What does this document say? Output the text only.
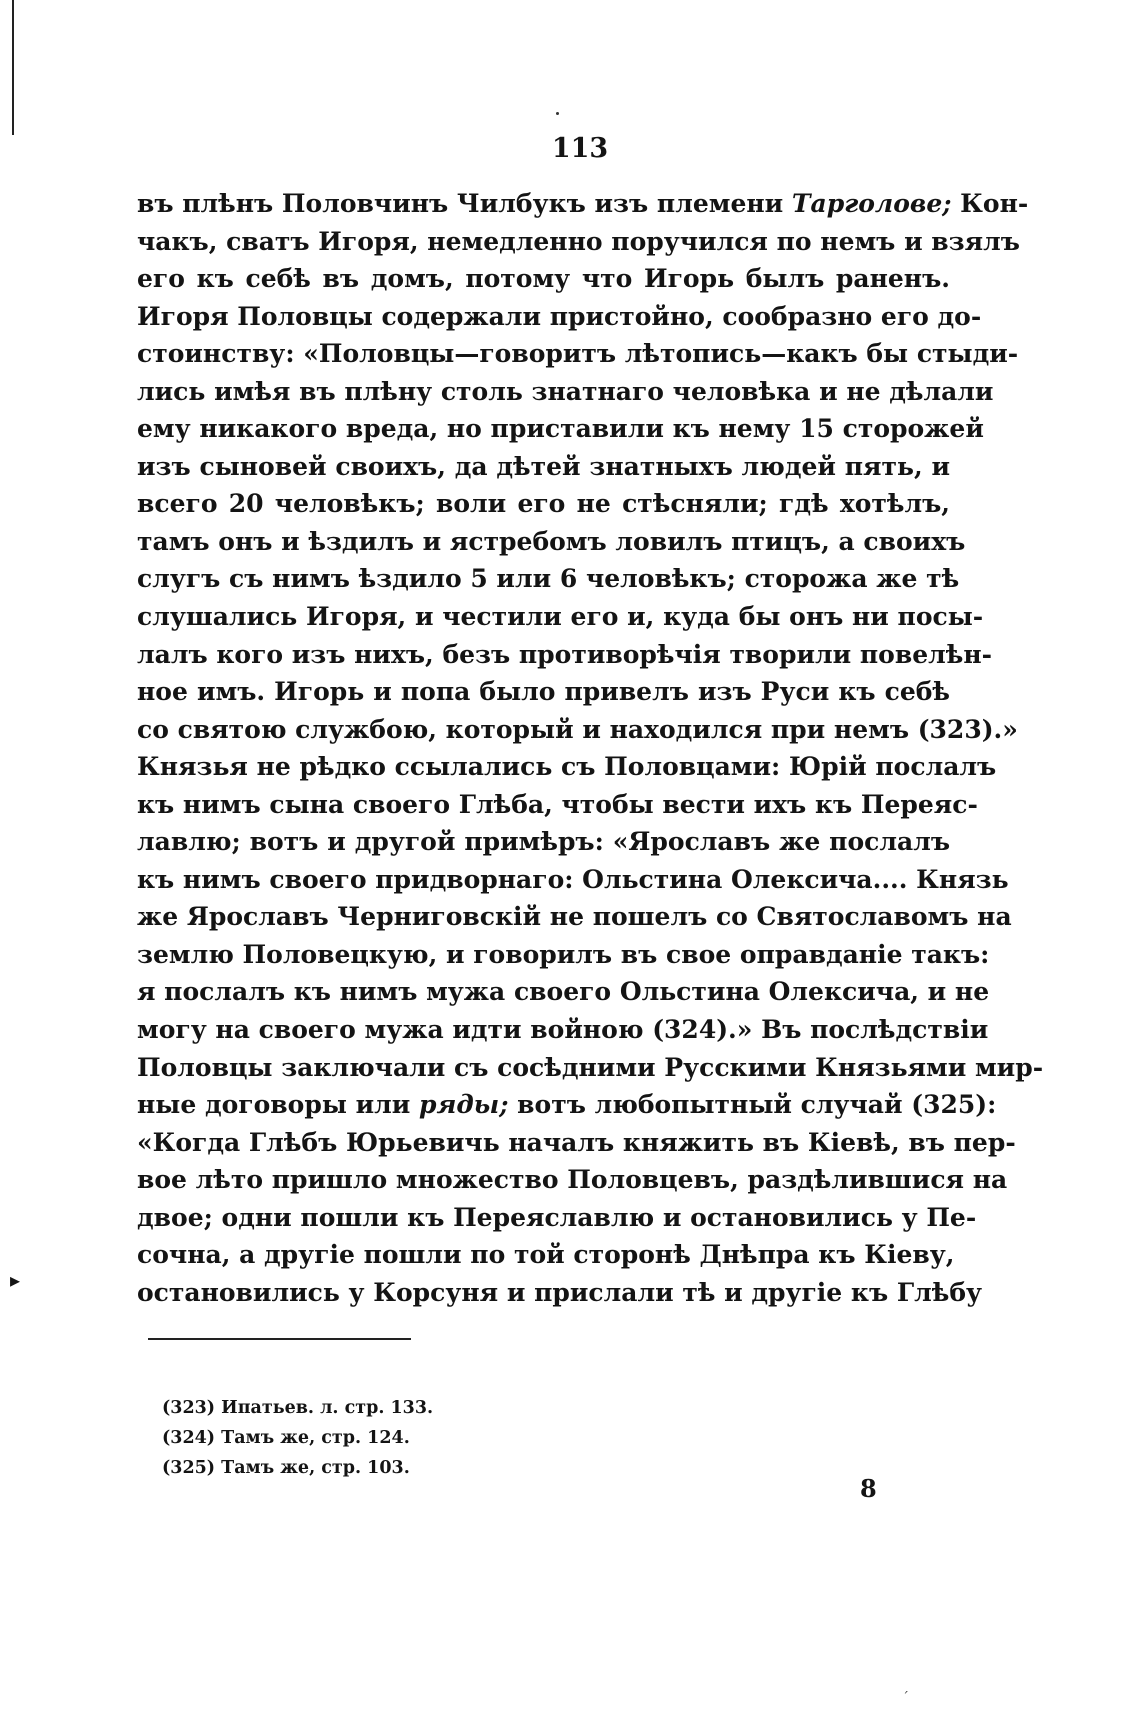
113
въ плѣнъ Половчинъ Чилбукъ изъ племени Тарголове; Кон-
чакъ, сватъ Игоря, немедленно поручился по немъ и взялъ
его къ себѣ въ домъ, потому что Игорь былъ раненъ.
Игоря Половцы содержали пристойно, сообразно его до-
стоинству: «Половцы—говоритъ лѣтопись—какъ бы стыди-
лись имѣя въ плѣну столь знатнаго человѣка и не дѣлали
ему никакого вреда, но приставили къ нему 15 сторожей
изъ сыновей своихъ, да дѣтей знатныхъ людей пять, и
всего 20 человѣкъ; воли его не стѣсняли; гдѣ хотѣлъ,
тамъ онъ и ѣздилъ и ястребомъ ловилъ птицъ, а своихъ
слугъ съ нимъ ѣздило 5 или 6 человѣкъ; сторожа же тѣ
слушались Игоря, и честили его и, куда бы онъ ни посы-
лалъ кого изъ нихъ, безъ противорѣчія творили повелѣн-
ное имъ. Игорь и попа было привелъ изъ Руси къ себѣ
со святою службою, который и находился при немъ (323).»
Князья не рѣдко ссылались съ Половцами: Юрій послалъ
къ нимъ сына своего Глѣба, чтобы вести ихъ къ Переяс-
лавлю; вотъ и другой примѣръ: «Ярославъ же послалъ
къ нимъ своего придворнаго: Ольстина Олексича.... Князь
же Ярославъ Черниговскій не пошелъ со Святославомъ на
землю Половецкую, и говорилъ въ свое оправданіе такъ:
я послалъ къ нимъ мужа своего Ольстина Олексича, и не
могу на своего мужа идти войною (324).» Въ послѣдствіи
Половцы заключали съ сосѣдними Русскими Князьями мир-
ные договоры или ряды; вотъ любопытный случай (325):
«Когда Глѣбъ Юрьевичь началъ княжить въ Кіевѣ, въ пер-
вое лѣто пришло множество Половцевъ, раздѣлившися на
двое; одни пошли къ Переяславлю и остановились у Пе-
сочна, а другіе пошли по той сторонѣ Днѣпра къ Кіеву,
остановились у Корсуня и прислали тѣ и другіе къ Глѣбу
▸
(323) Ипатьев. л. стр. 133.
(324) Тамъ же, стр. 124.
(325) Тамъ же, стр. 103.
8
´
